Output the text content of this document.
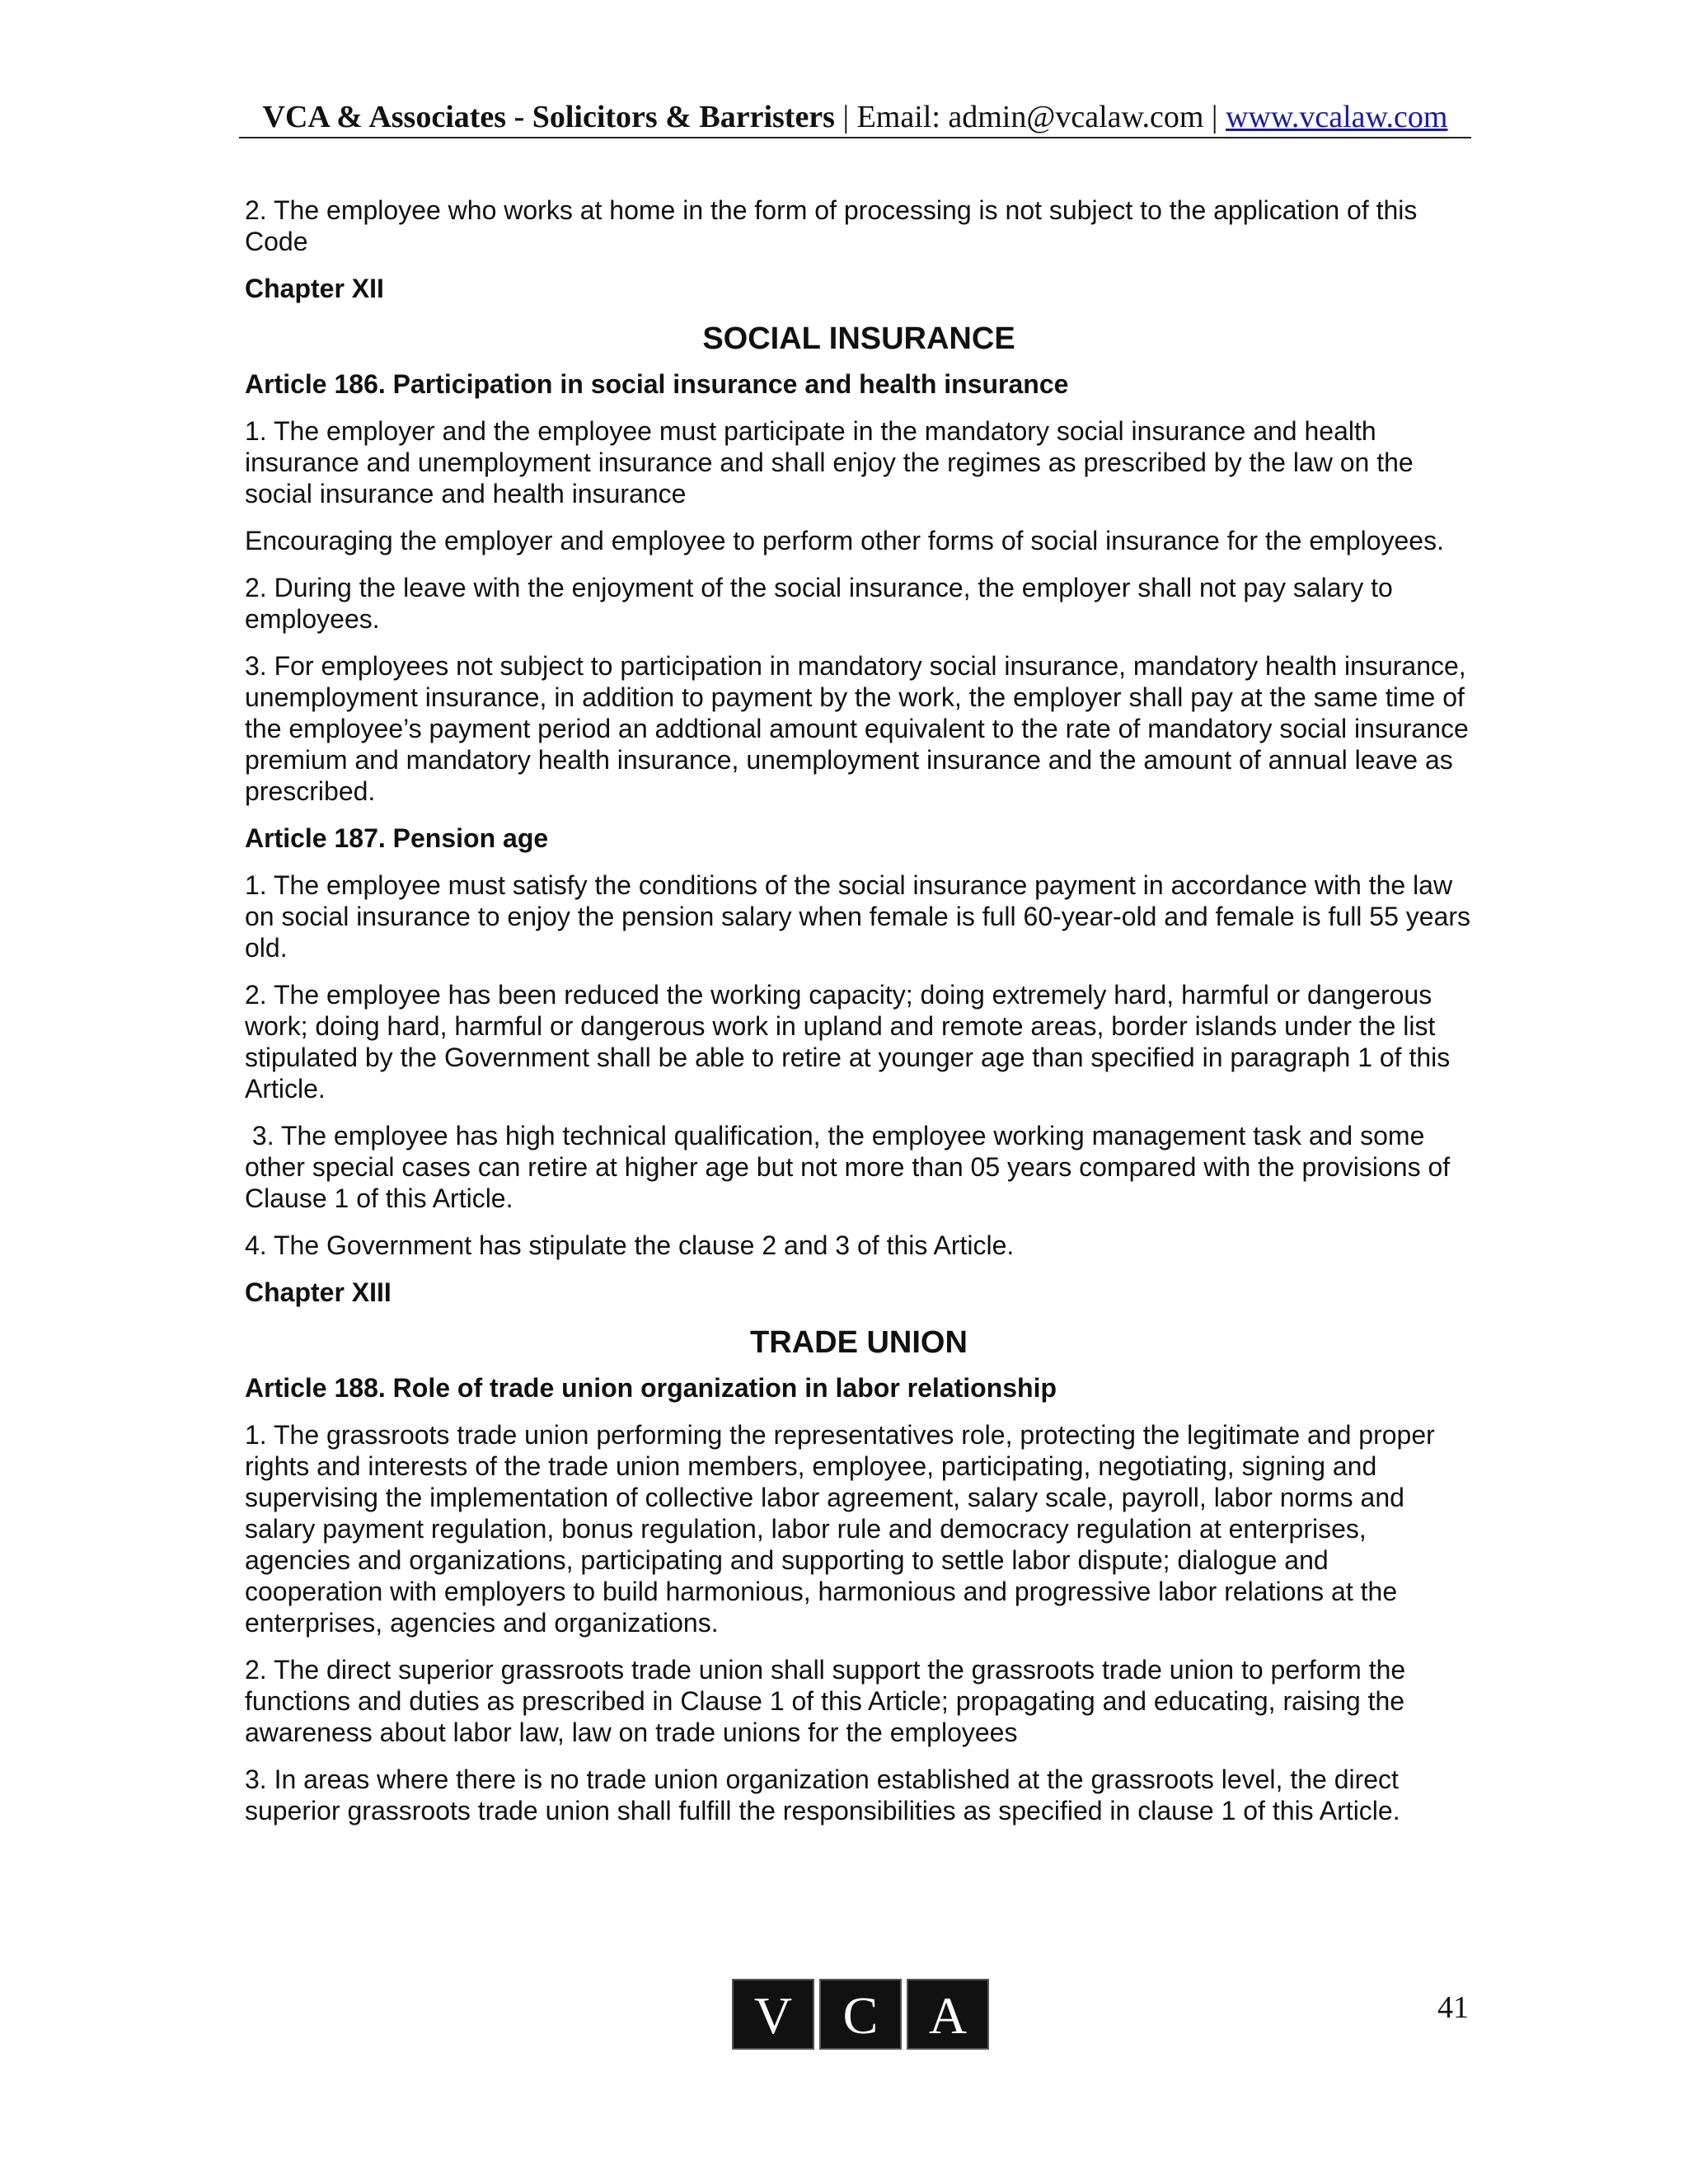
VCA & Associates - Solicitors & Barristers | Email: admin@vcalaw.com | www.vcalaw.com

2. The employee who works at home in the form of processing is not subject to the application of this Code

Chapter XII

SOCIAL INSURANCE

Article 186. Participation in social insurance and health insurance

1. The employer and the employee must participate in the mandatory social insurance and health insurance and unemployment insurance and shall enjoy the regimes as prescribed by the law on the social insurance and health insurance

Encouraging the employer and employee to perform other forms of social insurance for the employees.

2. During the leave with the enjoyment of the social insurance, the employer shall not pay salary to employees.

3. For employees not subject to participation in mandatory social insurance, mandatory health insurance, unemployment insurance, in addition to payment by the work, the employer shall pay at the same time of the employee’s payment period an addtional amount equivalent to the rate of mandatory social insurance premium and mandatory health insurance, unemployment insurance and the amount of annual leave as prescribed.

Article 187. Pension age

1. The employee must satisfy the conditions of the social insurance payment in accordance with the law on social insurance to enjoy the pension salary when female is full 60-year-old and female is full 55 years old.

2. The employee has been reduced the working capacity; doing extremely hard, harmful or dangerous work; doing hard, harmful or dangerous work in upland and remote areas, border islands under the list stipulated by the Government shall be able to retire at younger age than specified in paragraph 1 of this Article.

3. The employee has high technical qualification, the employee working management task and some other special cases can retire at higher age but not more than 05 years compared with the provisions of Clause 1 of this Article.

4. The Government has stipulate the clause 2 and 3 of this Article.

Chapter XIII

TRADE UNION

Article 188. Role of trade union organization in labor relationship

1. The grassroots trade union performing the representatives role, protecting the legitimate and proper rights and interests of the trade union members, employee, participating, negotiating, signing and supervising the implementation of collective labor agreement, salary scale, payroll, labor norms and salary payment regulation, bonus regulation, labor rule and democracy regulation at enterprises, agencies and organizations, participating and supporting to settle labor dispute; dialogue and cooperation with employers to build harmonious, harmonious and progressive labor relations at the enterprises, agencies and organizations.

2. The direct superior grassroots trade union shall support the grassroots trade union to perform the functions and duties as prescribed in Clause 1 of this Article; propagating and educating, raising the awareness about labor law, law on trade unions for the employees

3. In areas where there is no trade union organization established at the grassroots level, the direct superior grassroots trade union shall fulfill the responsibilities as specified in clause 1 of this Article.

V C A	41
